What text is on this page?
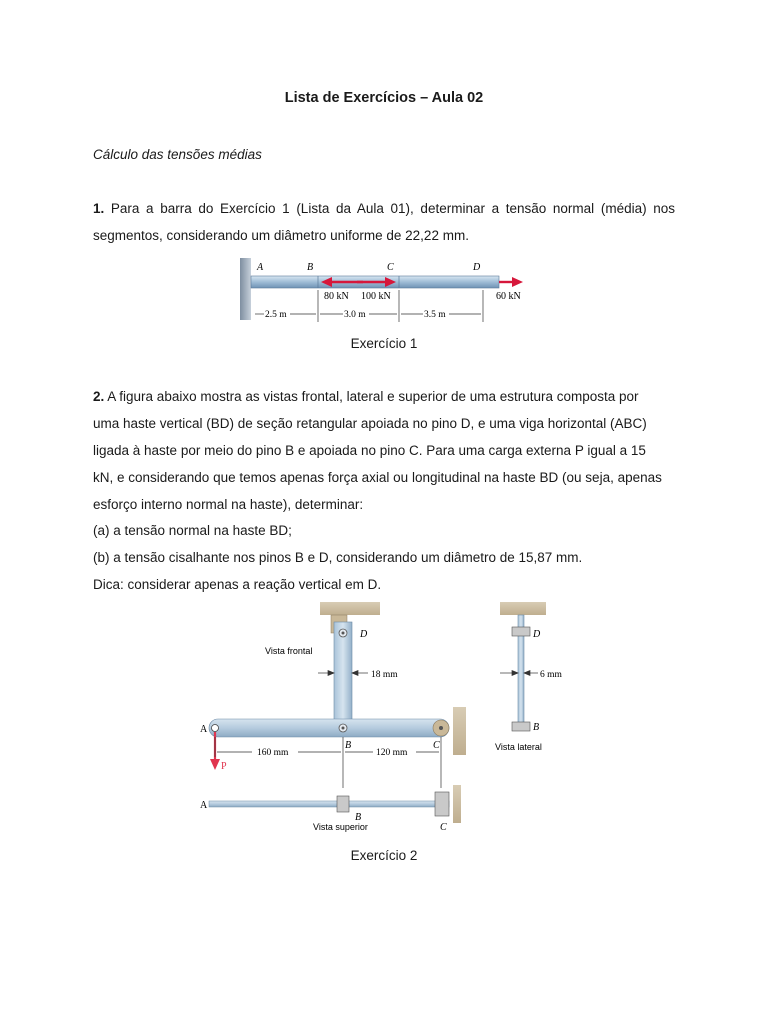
Lista de Exercícios – Aula 02
Cálculo das tensões médias
1. Para a barra do Exercício 1 (Lista da Aula 01), determinar a tensão normal (média) nos segmentos, considerando um diâmetro uniforme de 22,22 mm.
A	B	C	D
80 kN 100 kN	60 kN
2.5 m	3.0 m	3.5 m
Exercício 1
2. A figura abaixo mostra as vistas frontal, lateral e superior de uma estrutura composta por
uma haste vertical (BD) de seção retangular apoiada no pino D, e uma viga horizontal (ABC)
ligada à haste por meio do pino B e apoiada no pino C. Para uma carga externa P igual a 15
kN, e considerando que temos apenas força axial ou longitudinal na haste BD (ou seja, apenas
esforço interno normal na haste), determinar:
(a) a tensão normal na haste BD;
(b) a tensão cisalhante nos pinos B e D, considerando um diâmetro de 15,87 mm.
Dica: considerar apenas a reação vertical em D.
P
A
D
B	C
Vista frontal
18 mm
160 mm	120 mm
D
B
6 mm
Vista lateral
A
B
C
Vista superior
Exercício 2
